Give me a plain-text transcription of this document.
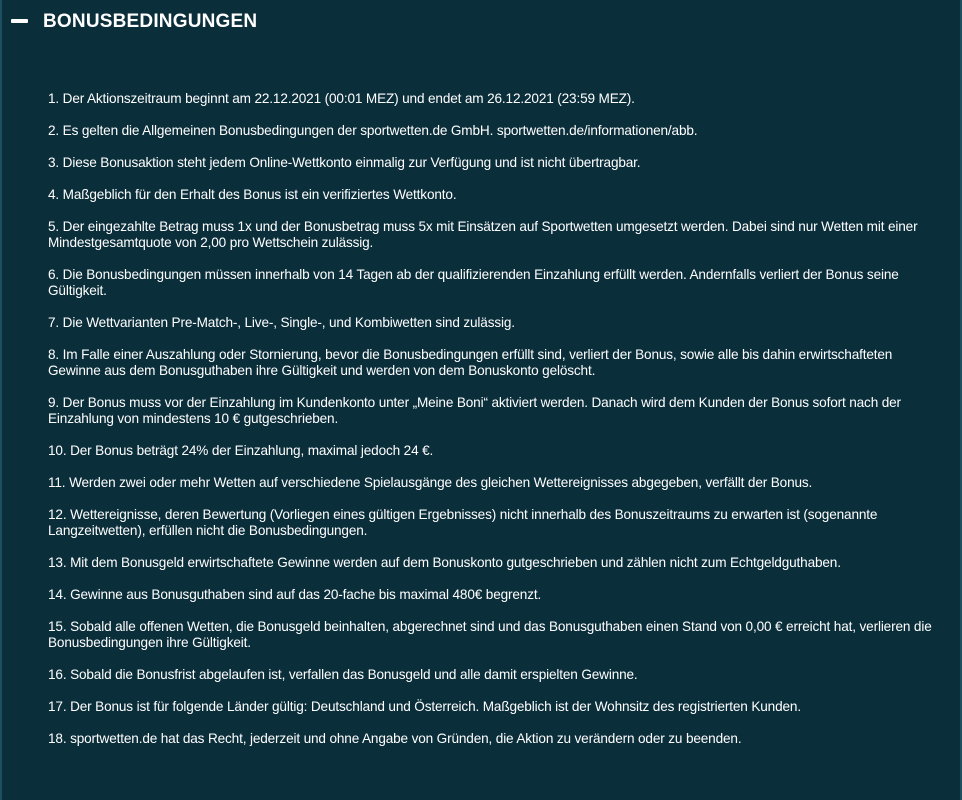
BONUSBEDINGUNGEN
1. Der Aktionszeitraum beginnt am 22.12.2021 (00:01 MEZ) und endet am 26.12.2021 (23:59 MEZ).
2. Es gelten die Allgemeinen Bonusbedingungen der sportwetten.de GmbH. sportwetten.de/informationen/abb.
3. Diese Bonusaktion steht jedem Online-Wettkonto einmalig zur Verfügung und ist nicht übertragbar.
4. Maßgeblich für den Erhalt des Bonus ist ein verifiziertes Wettkonto.
5. Der eingezahlte Betrag muss 1x und der Bonusbetrag muss 5x mit Einsätzen auf Sportwetten umgesetzt werden. Dabei sind nur Wetten mit einer Mindestgesamtquote von 2,00 pro Wettschein zulässig.
6. Die Bonusbedingungen müssen innerhalb von 14 Tagen ab der qualifizierenden Einzahlung erfüllt werden. Andernfalls verliert der Bonus seine Gültigkeit.
7. Die Wettvarianten Pre-Match-, Live-, Single-, und Kombiwetten sind zulässig.
8. Im Falle einer Auszahlung oder Stornierung, bevor die Bonusbedingungen erfüllt sind, verliert der Bonus, sowie alle bis dahin erwirtschafteten Gewinne aus dem Bonusguthaben ihre Gültigkeit und werden von dem Bonuskonto gelöscht.
9. Der Bonus muss vor der Einzahlung im Kundenkonto unter „Meine Boni“ aktiviert werden. Danach wird dem Kunden der Bonus sofort nach der Einzahlung von mindestens 10 € gutgeschrieben.
10. Der Bonus beträgt 24% der Einzahlung, maximal jedoch 24 €.
11. Werden zwei oder mehr Wetten auf verschiedene Spielausgänge des gleichen Wettereignisses abgegeben, verfällt der Bonus.
12. Wettereignisse, deren Bewertung (Vorliegen eines gültigen Ergebnisses) nicht innerhalb des Bonuszeitraums zu erwarten ist (sogenannte Langzeitwetten), erfüllen nicht die Bonusbedingungen.
13. Mit dem Bonusgeld erwirtschaftete Gewinne werden auf dem Bonuskonto gutgeschrieben und zählen nicht zum Echtgeldguthaben.
14. Gewinne aus Bonusguthaben sind auf das 20-fache bis maximal 480€ begrenzt.
15. Sobald alle offenen Wetten, die Bonusgeld beinhalten, abgerechnet sind und das Bonusguthaben einen Stand von 0,00 € erreicht hat, verlieren die Bonusbedingungen ihre Gültigkeit.
16. Sobald die Bonusfrist abgelaufen ist, verfallen das Bonusgeld und alle damit erspielten Gewinne.
17. Der Bonus ist für folgende Länder gültig: Deutschland und Österreich. Maßgeblich ist der Wohnsitz des registrierten Kunden.
18. sportwetten.de hat das Recht, jederzeit und ohne Angabe von Gründen, die Aktion zu verändern oder zu beenden.
